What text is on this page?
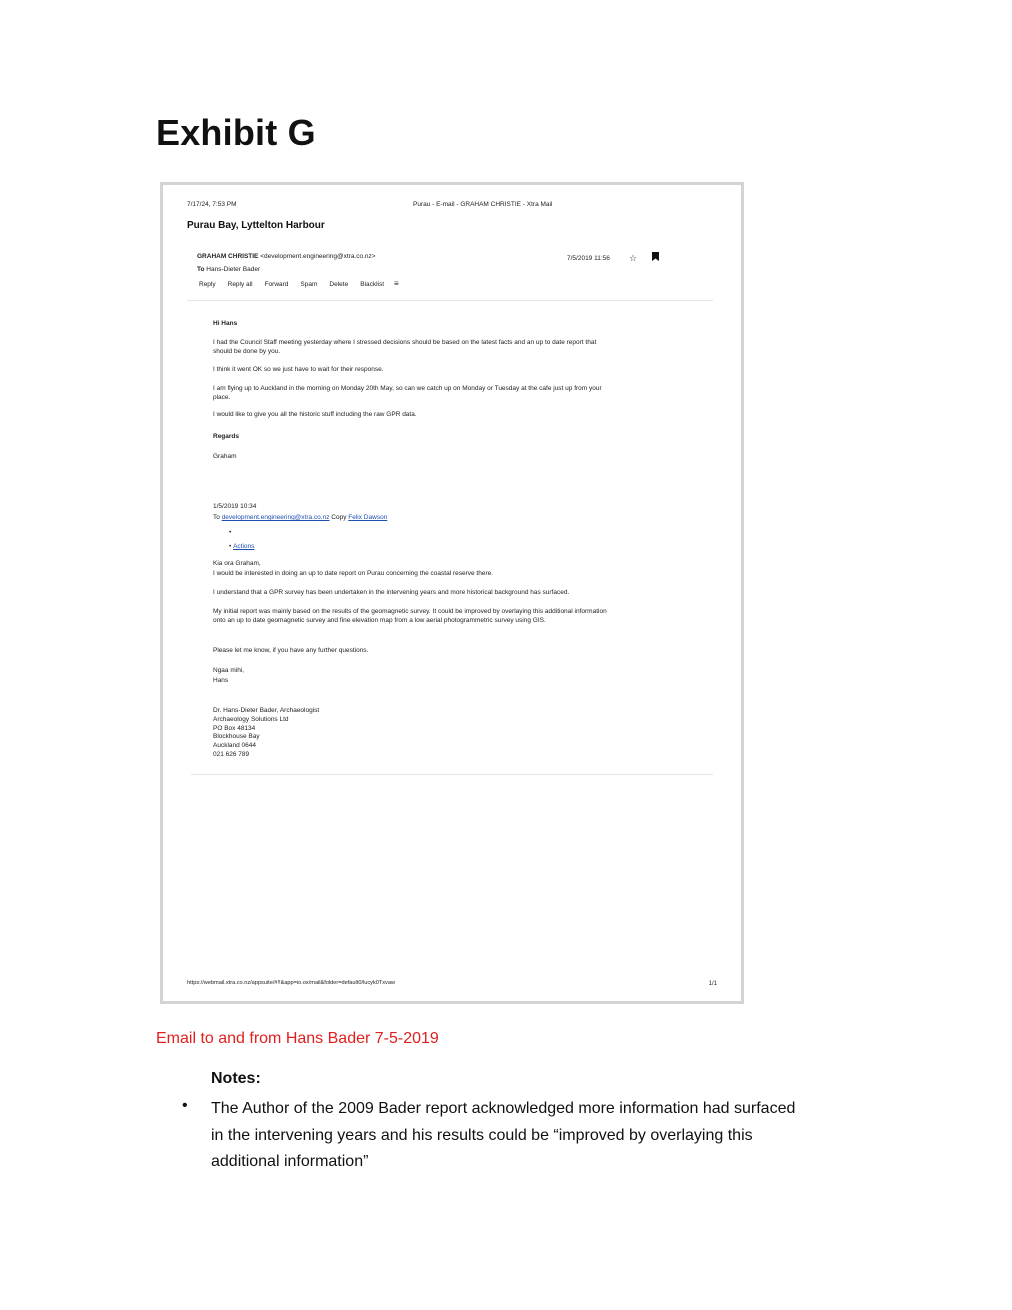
Exhibit G
7/17/24, 7:53 PM	Purau - E-mail - GRAHAM CHRISTIE - Xtra Mail
Purau Bay, Lyttelton Harbour
GRAHAM CHRISTIE <development.engineering@xtra.co.nz>
To Hans-Dieter Bader
7/5/2019 11:56 ☆
Reply Reply all Forward Spam Delete Blacklist ≡
Hi Hans
I had the Council Staff meeting yesterday where I stressed decisions should be based on the latest facts and an up to date report that should be done by you.
I think it went OK so we just have to wait for their response.
I am flying up to Auckland in the morning on Monday 20th May, so can we catch up on Monday or Tuesday at the cafe just up from your place.
I would like to give you all the historic stuff including the raw GPR data.
Regards
Graham
1/5/2019 10:34
To development.engineering@xtra.co.nz Copy Felix Dawson
•
• Actions
Kia ora Graham,
I would be interested in doing an up to date report on Purau concerning the coastal reserve there.
I understand that a GPR survey has been undertaken in the intervening years and more historical background has surfaced.
My initial report was mainly based on the results of the geomagnetic survey. It could be improved by overlaying this additional information onto an up to date geomagnetic survey and fine elevation map from a low aerial photogrammetric survey using GIS.
Please let me know, if you have any further questions.
Ngaa mihi,
Hans
Dr. Hans-Dieter Bader, Archaeologist
Archaeology Solutions Ltd
PO Box 48134
Blockhouse Bay
Auckland 0644
021 626 789
https://webmail.xtra.co.nz/appsuite/#!!&app=io.ox/mail&folder=default0/lucyk0Txvaw	1/1
Email to and from Hans Bader 7-5-2019
Notes:
• The Author of the 2009 Bader report acknowledged more information had surfaced in the intervening years and his results could be “improved by overlaying this additional information”
